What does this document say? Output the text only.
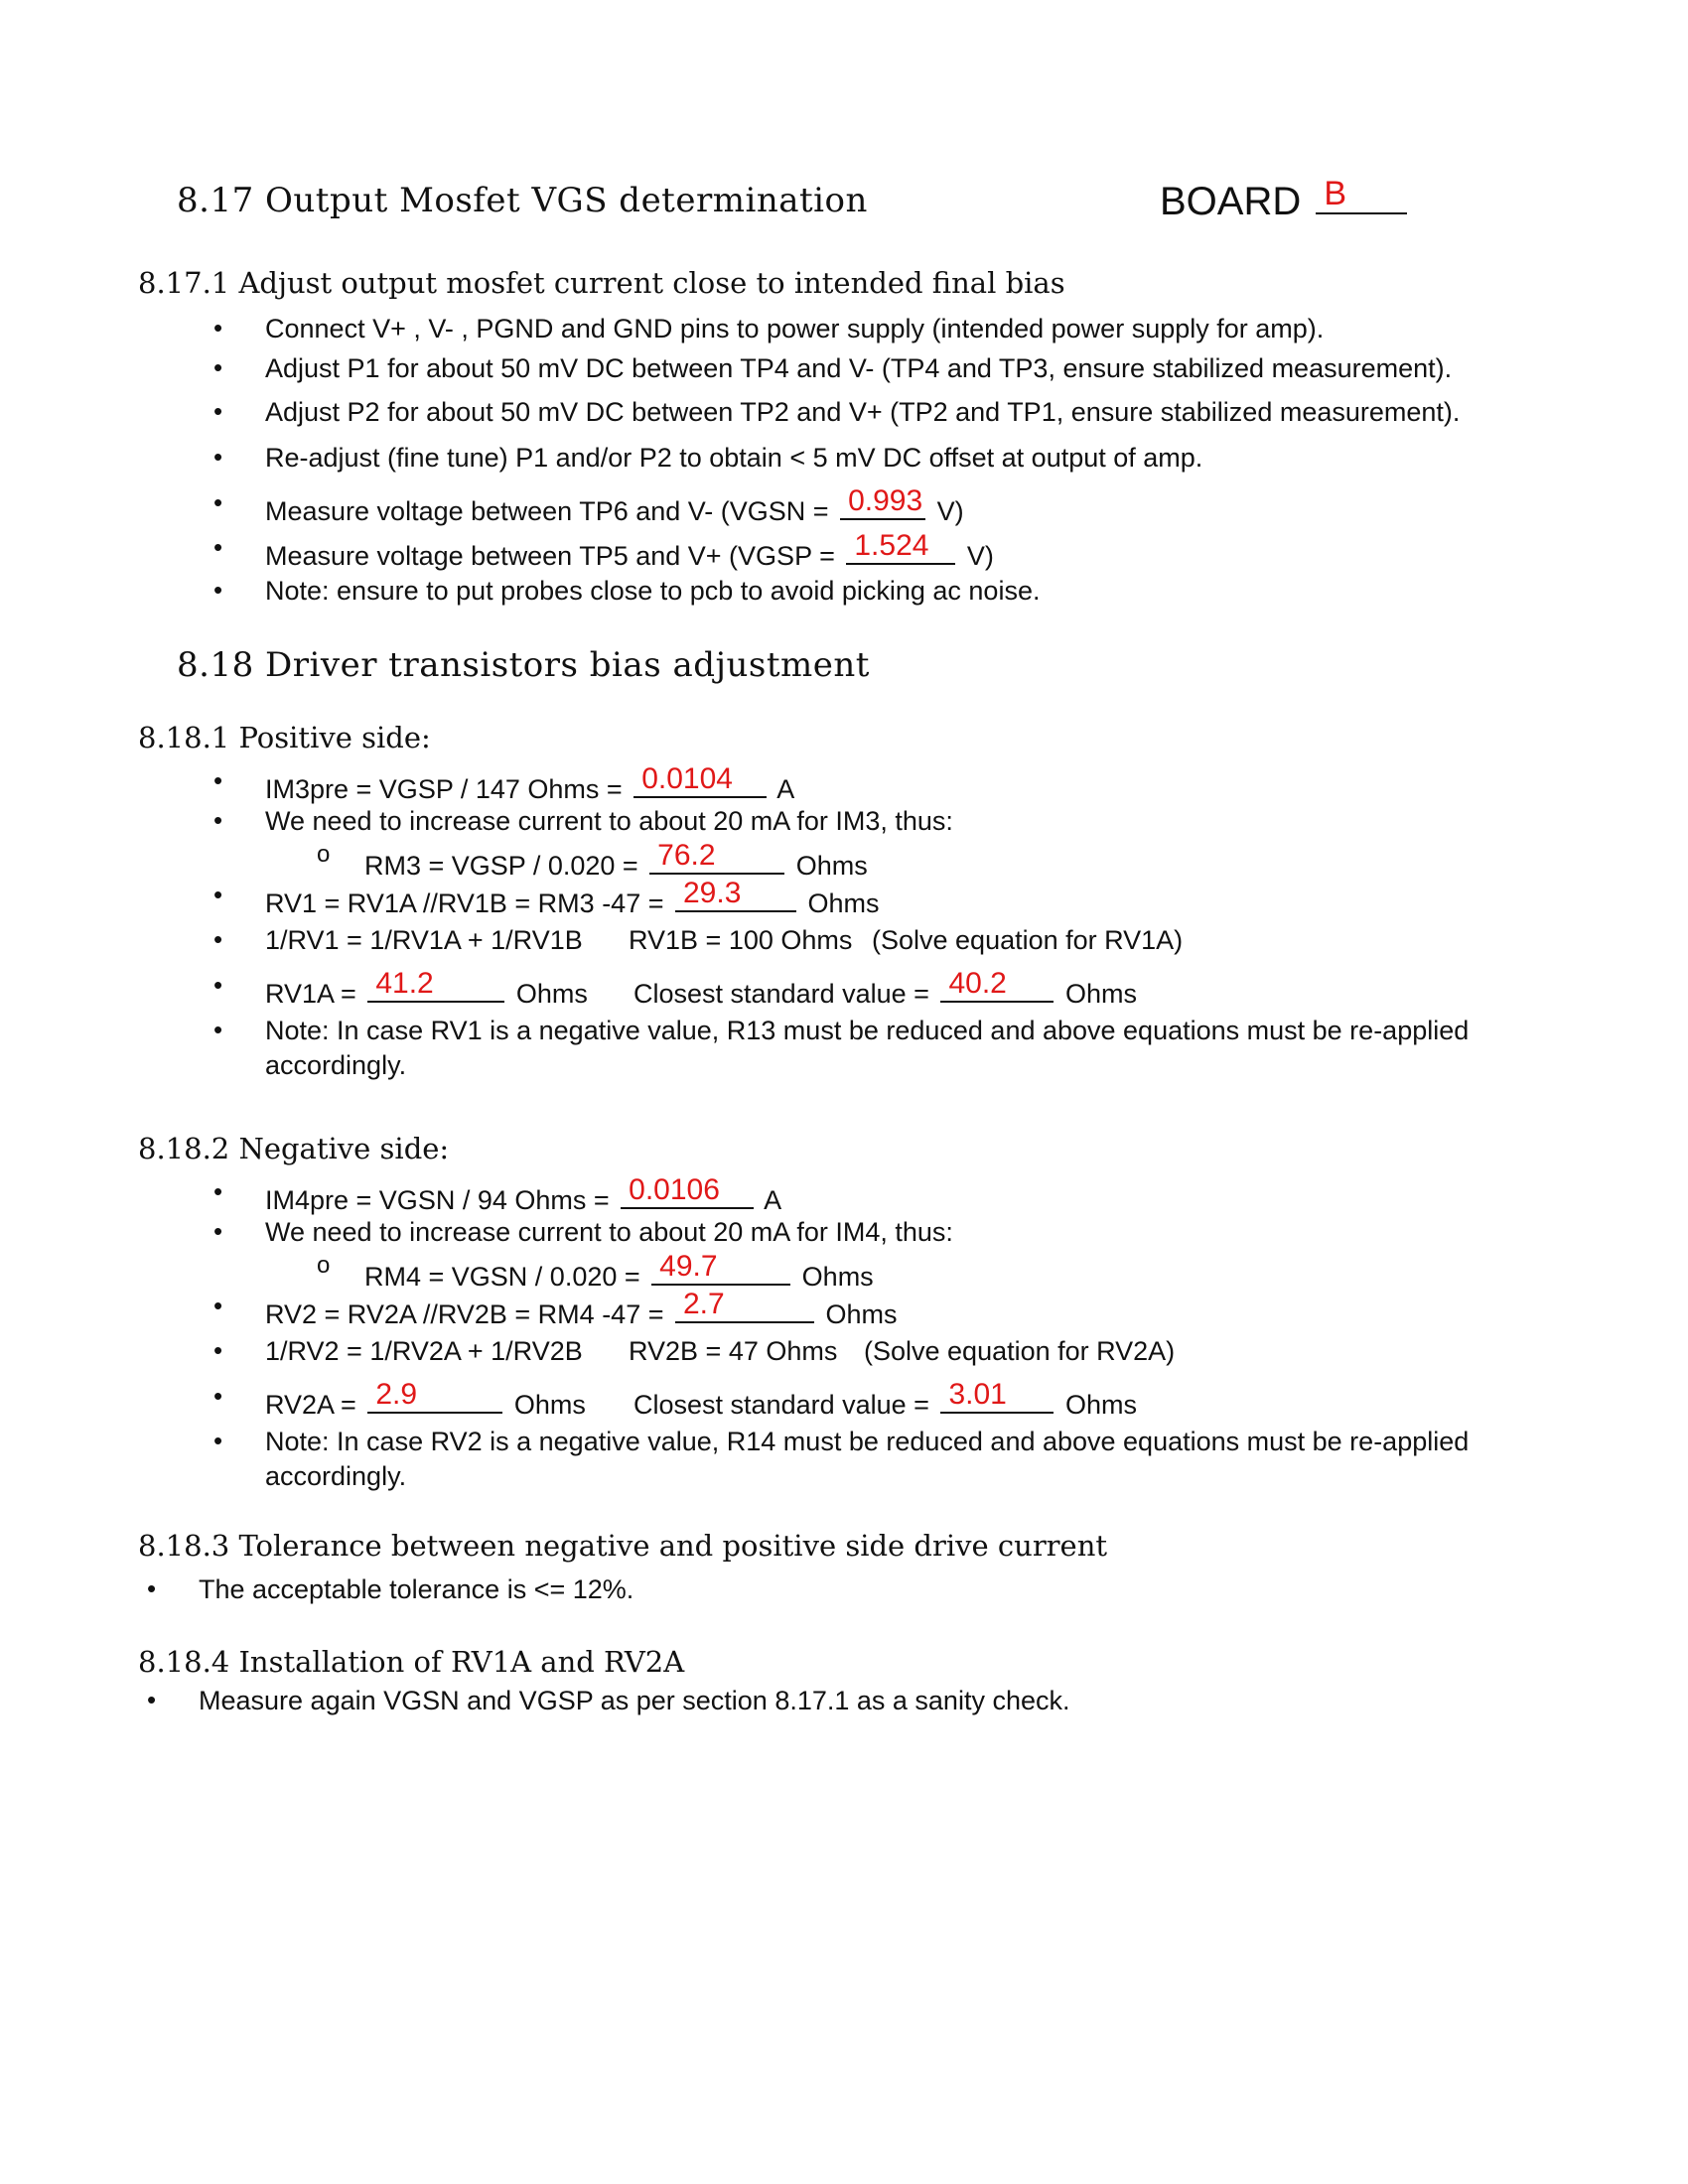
8.17 Output Mosfet VGS determination	BOARD B
8.17.1 Adjust output mosfet current close to intended final bias
• Connect V+ , V- , PGND and GND pins to power supply (intended power supply for amp).
• Adjust P1 for about 50 mV DC between TP4 and V- (TP4 and TP3, ensure stabilized measurement).
• Adjust P2 for about 50 mV DC between TP2 and V+ (TP2 and TP1, ensure stabilized measurement).
• Re-adjust (fine tune) P1 and/or P2 to obtain < 5 mV DC offset at output of amp.
• Measure voltage between TP6 and V- (VGSN = 0.993 V)
• Measure voltage between TP5 and V+ (VGSP = 1.524 V)
• Note: ensure to put probes close to pcb to avoid picking ac noise.
8.18 Driver transistors bias adjustment
8.18.1 Positive side:
• IM3pre = VGSP / 147 Ohms = 0.0104 A
• We need to increase current to about 20 mA for IM3, thus:
o RM3 = VGSP / 0.020 = 76.2	Ohms
• RV1 = RV1A //RV1B = RM3 -47 = 29.3 Ohms
• 1/RV1 = 1/RV1A + 1/RV1B RV1B = 100 Ohms (Solve equation for RV1A)
• RV1A = 41.2	Ohms Closest standard value = 40.2 Ohms
• Note: In case RV1 is a negative value, R13 must be reduced and above equations must be re-applied
accordingly.
8.18.2 Negative side:
• IM4pre = VGSN / 94 Ohms = 0.0106 A
• We need to increase current to about 20 mA for IM4, thus:
o RM4 = VGSN / 0.020 = 49.7	Ohms
• RV2 = RV2A //RV2B = RM4 -47 = 2.7	Ohms
• 1/RV2 = 1/RV2A + 1/RV2B RV2B = 47 Ohms (Solve equation for RV2A)
• RV2A = 2.9	Ohms Closest standard value = 3.01 Ohms
• Note: In case RV2 is a negative value, R14 must be reduced and above equations must be re-applied
accordingly.
8.18.3 Tolerance between negative and positive side drive current
• The acceptable tolerance is <= 12%.
8.18.4 Installation of RV1A and RV2A
• Measure again VGSN and VGSP as per section 8.17.1 as a sanity check.
